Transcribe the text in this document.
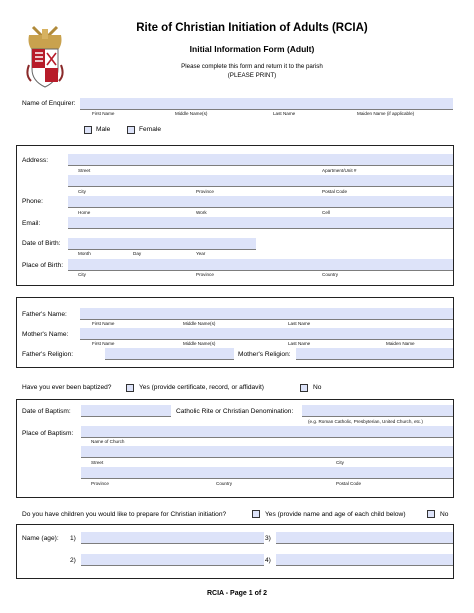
Rite of Christian Initiation of Adults (RCIA)
Initial Information Form (Adult)
Please complete this form and return it to the parish
(PLEASE PRINT)
Name of Enquirer:
First Name	Middle Name(s)	Last Name	Maiden Name (if applicable)
Male	Female
Address:
Street	Apartment/Unit #
City	Province	Postal Code
Phone:
Home	Work	Cell
Email:
Date of Birth:
Month	Day	Year
Place of Birth:
City	Province	Country
Father's Name:
First Name	Middle Name(s)	Last Name
Mother's Name:
First Name	Middle Name(s)	Last Name	Maiden Name
Father's Religion:	Mother's Religion:
Have you ever been baptized?	Yes (provide certificate, record, or affidavit)	No
Date of Baptism:	Catholic Rite or Christian Denomination:
(e.g. Roman Catholic, Presbyterian, United Church, etc.)
Place of Baptism:
Name of Church
Street	City
Province	Country	Postal Code
Do you have children you would like to prepare for Christian initiation?	Yes (provide name and age of each child below)	No
Name (age): 1)	3)
2)	4)
RCIA - Page 1 of 2
